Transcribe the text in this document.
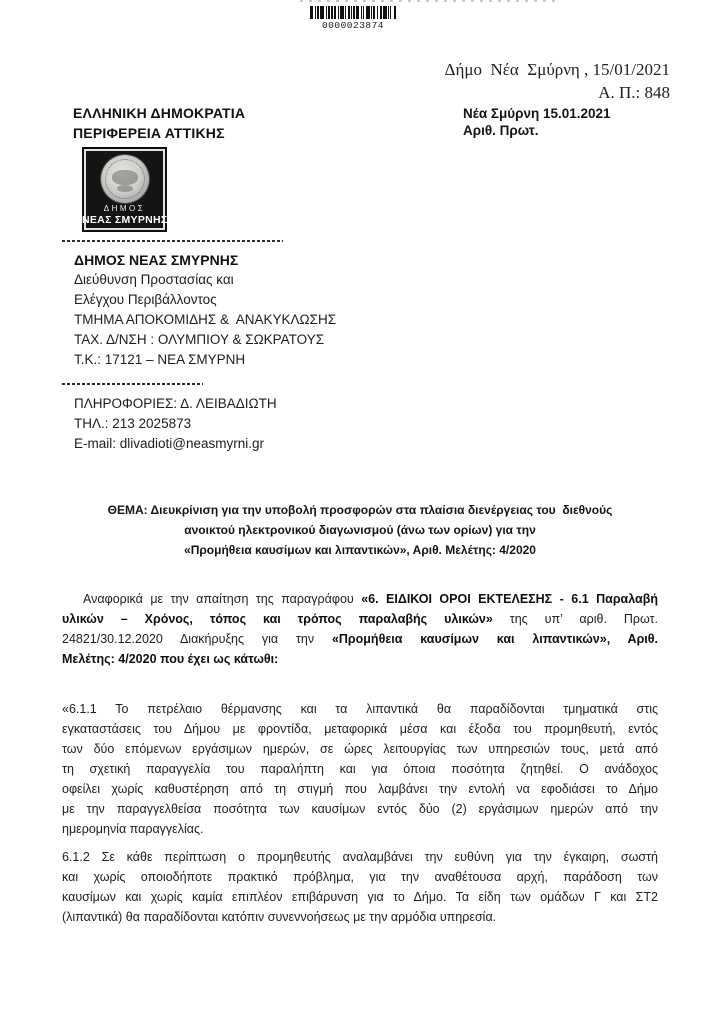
0000023874
Δήμο  Νέα  Σμύρνη , 15/01/2021
Α. Π.: 848
Νέα Σμύρνη 15.01.2021
Αριθ. Πρωτ.
ΕΛΛΗΝΙΚΗ ΔΗΜΟΚΡΑΤΙΑ
ΠΕΡΙΦΕΡΕΙΑ ΑΤΤΙΚΗΣ
ΔΗΜΟΣ
ΝΕΑΣ ΣΜΥΡΝΗΣ
ΔΗΜΟΣ ΝΕΑΣ ΣΜΥΡΝΗΣ
Διεύθυνση Προστασίας και
Ελέγχου Περιβάλλοντος
ΤΜΗΜΑ ΑΠΟΚΟΜΙΔΗΣ &  ΑΝΑΚΥΚΛΩΣΗΣ
ΤΑΧ. Δ/ΝΣΗ : ΟΛΥΜΠΙΟΥ & ΣΩΚΡΑΤΟΥΣ
Τ.Κ.: 17121 – ΝΕΑ ΣΜΥΡΝΗ
ΠΛΗΡΟΦΟΡΙΕΣ: Δ. ΛΕΙΒΑΔΙΩΤΗ
ΤΗΛ.: 213 2025873
E-mail: dlivadioti@neasmyrni.gr
ΘΕΜΑ: Διευκρίνιση για την υποβολή προσφορών στα πλαίσια διενέργειας του  διεθνούς
ανοικτού ηλεκτρονικού διαγωνισμού (άνω των ορίων) για την
«Προμήθεια καυσίμων και λιπαντικών», Αριθ. Μελέτης: 4/2020
Αναφορικά με την απαίτηση της παραγράφου «6. ΕΙΔΙΚΟΙ ΟΡΟΙ ΕΚΤΕΛΕΣΗΣ - 6.1 Παραλαβή
υλικών – Χρόνος, τόπος και τρόπος παραλαβής υλικών» της υπ’ αριθ. Πρωτ.
24821/30.12.2020 Διακήρυξης για την «Προμήθεια καυσίμων και λιπαντικών», Αριθ.
Μελέτης: 4/2020 που έχει ως κάτωθι:
«6.1.1 Το πετρέλαιο θέρμανσης και τα λιπαντικά θα παραδίδονται τμηματικά στις
εγκαταστάσεις του Δήμου με φροντίδα, μεταφορικά μέσα και έξοδα του προμηθευτή, εντός
των δύο επόμενων εργάσιμων ημερών, σε ώρες λειτουργίας των υπηρεσιών τους, μετά από
τη σχετική παραγγελία του παραλήπτη και για όποια ποσότητα ζητηθεί. Ο ανάδοχος
οφείλει χωρίς καθυστέρηση από τη στιγμή που λαμβάνει την εντολή να εφοδιάσει το Δήμο
με την παραγγελθείσα ποσότητα των καυσίμων εντός δύο (2) εργάσιμων ημερών από την
ημερομηνία παραγγελίας.
6.1.2 Σε κάθε περίπτωση ο προμηθευτής αναλαμβάνει την ευθύνη για την έγκαιρη, σωστή
και χωρίς οποιοδήποτε πρακτικό πρόβλημα, για την αναθέτουσα αρχή, παράδοση των
καυσίμων και χωρίς καμία επιπλέον επιβάρυνση για το Δήμο. Τα είδη των ομάδων Γ και ΣΤ2
(λιπαντικά) θα παραδίδονται κατόπιν συνεννοήσεως με την αρμόδια υπηρεσία.
